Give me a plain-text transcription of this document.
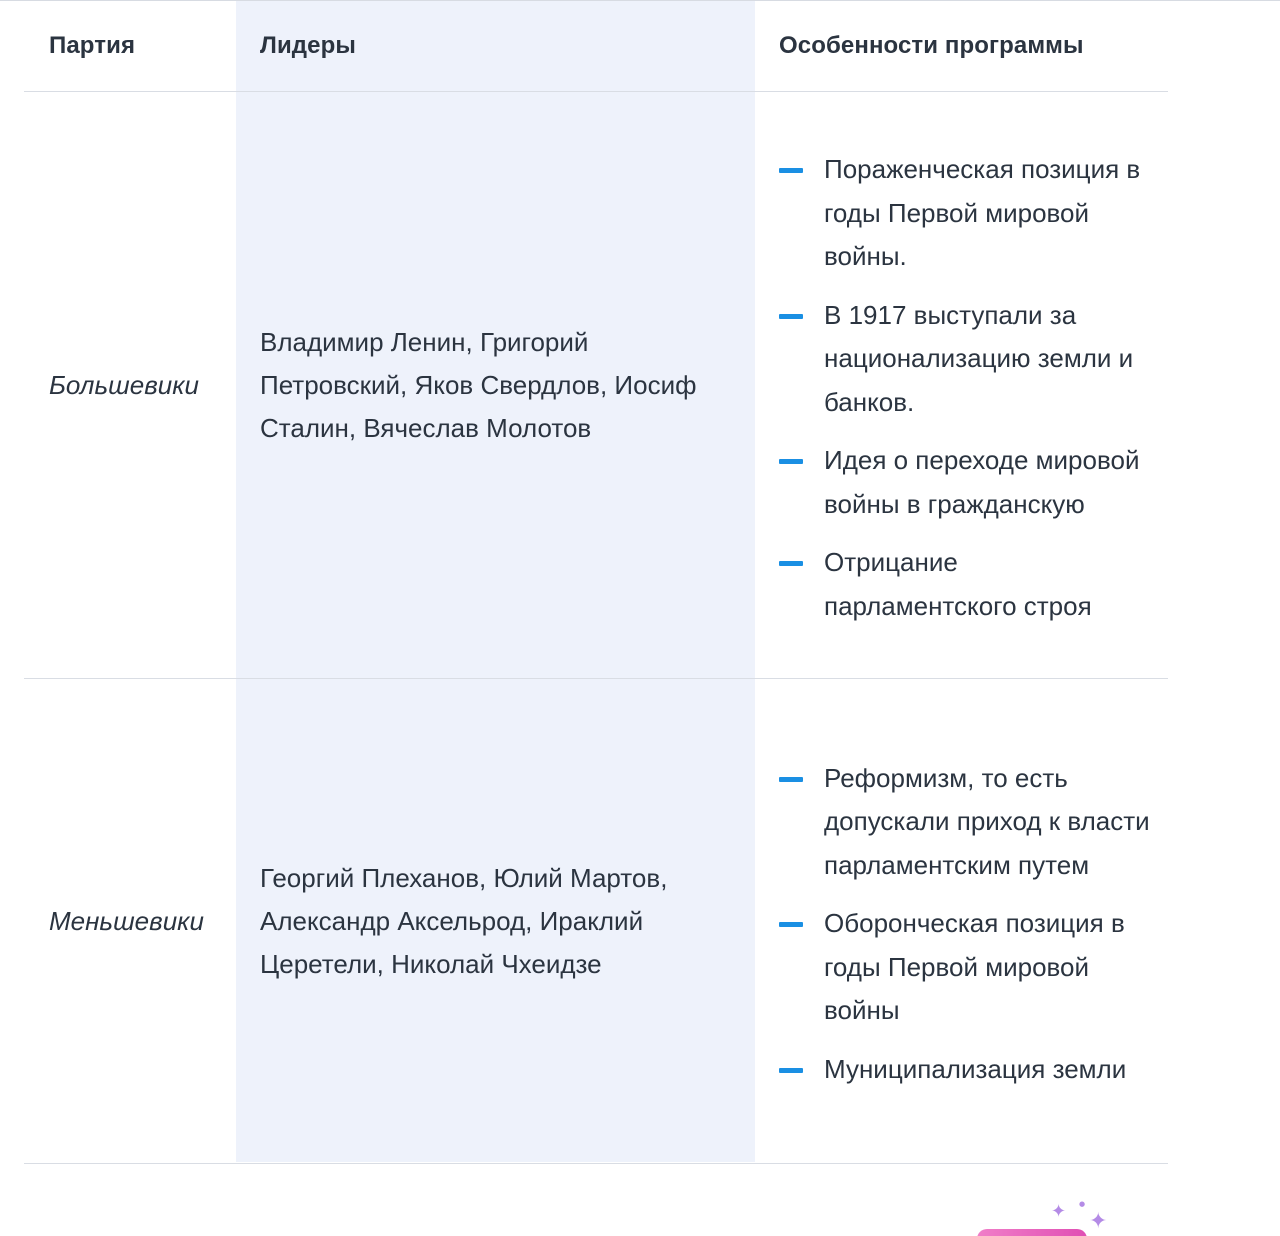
Партия	Лидеры	Особенности программы
Большевики
Владимир Ленин, Григорий Петровский, Яков Свердлов, Иосиф Сталин, Вячеслав Молотов
Пораженческая позиция в годы Первой мировой войны.
В 1917 выступали за национализацию земли и банков.
Идея о переходе мировой войны в гражданскую
Отрицание парламентского строя
Меньшевики
Георгий Плеханов, Юлий Мартов, Александр Аксельрод, Ираклий Церетели, Николай Чхеидзе
Реформизм, то есть допускали приход к власти парламентским путем
Оборончеcкая позиция в годы Первой мировой войны
Муниципализация земли
✦ ●
✦
